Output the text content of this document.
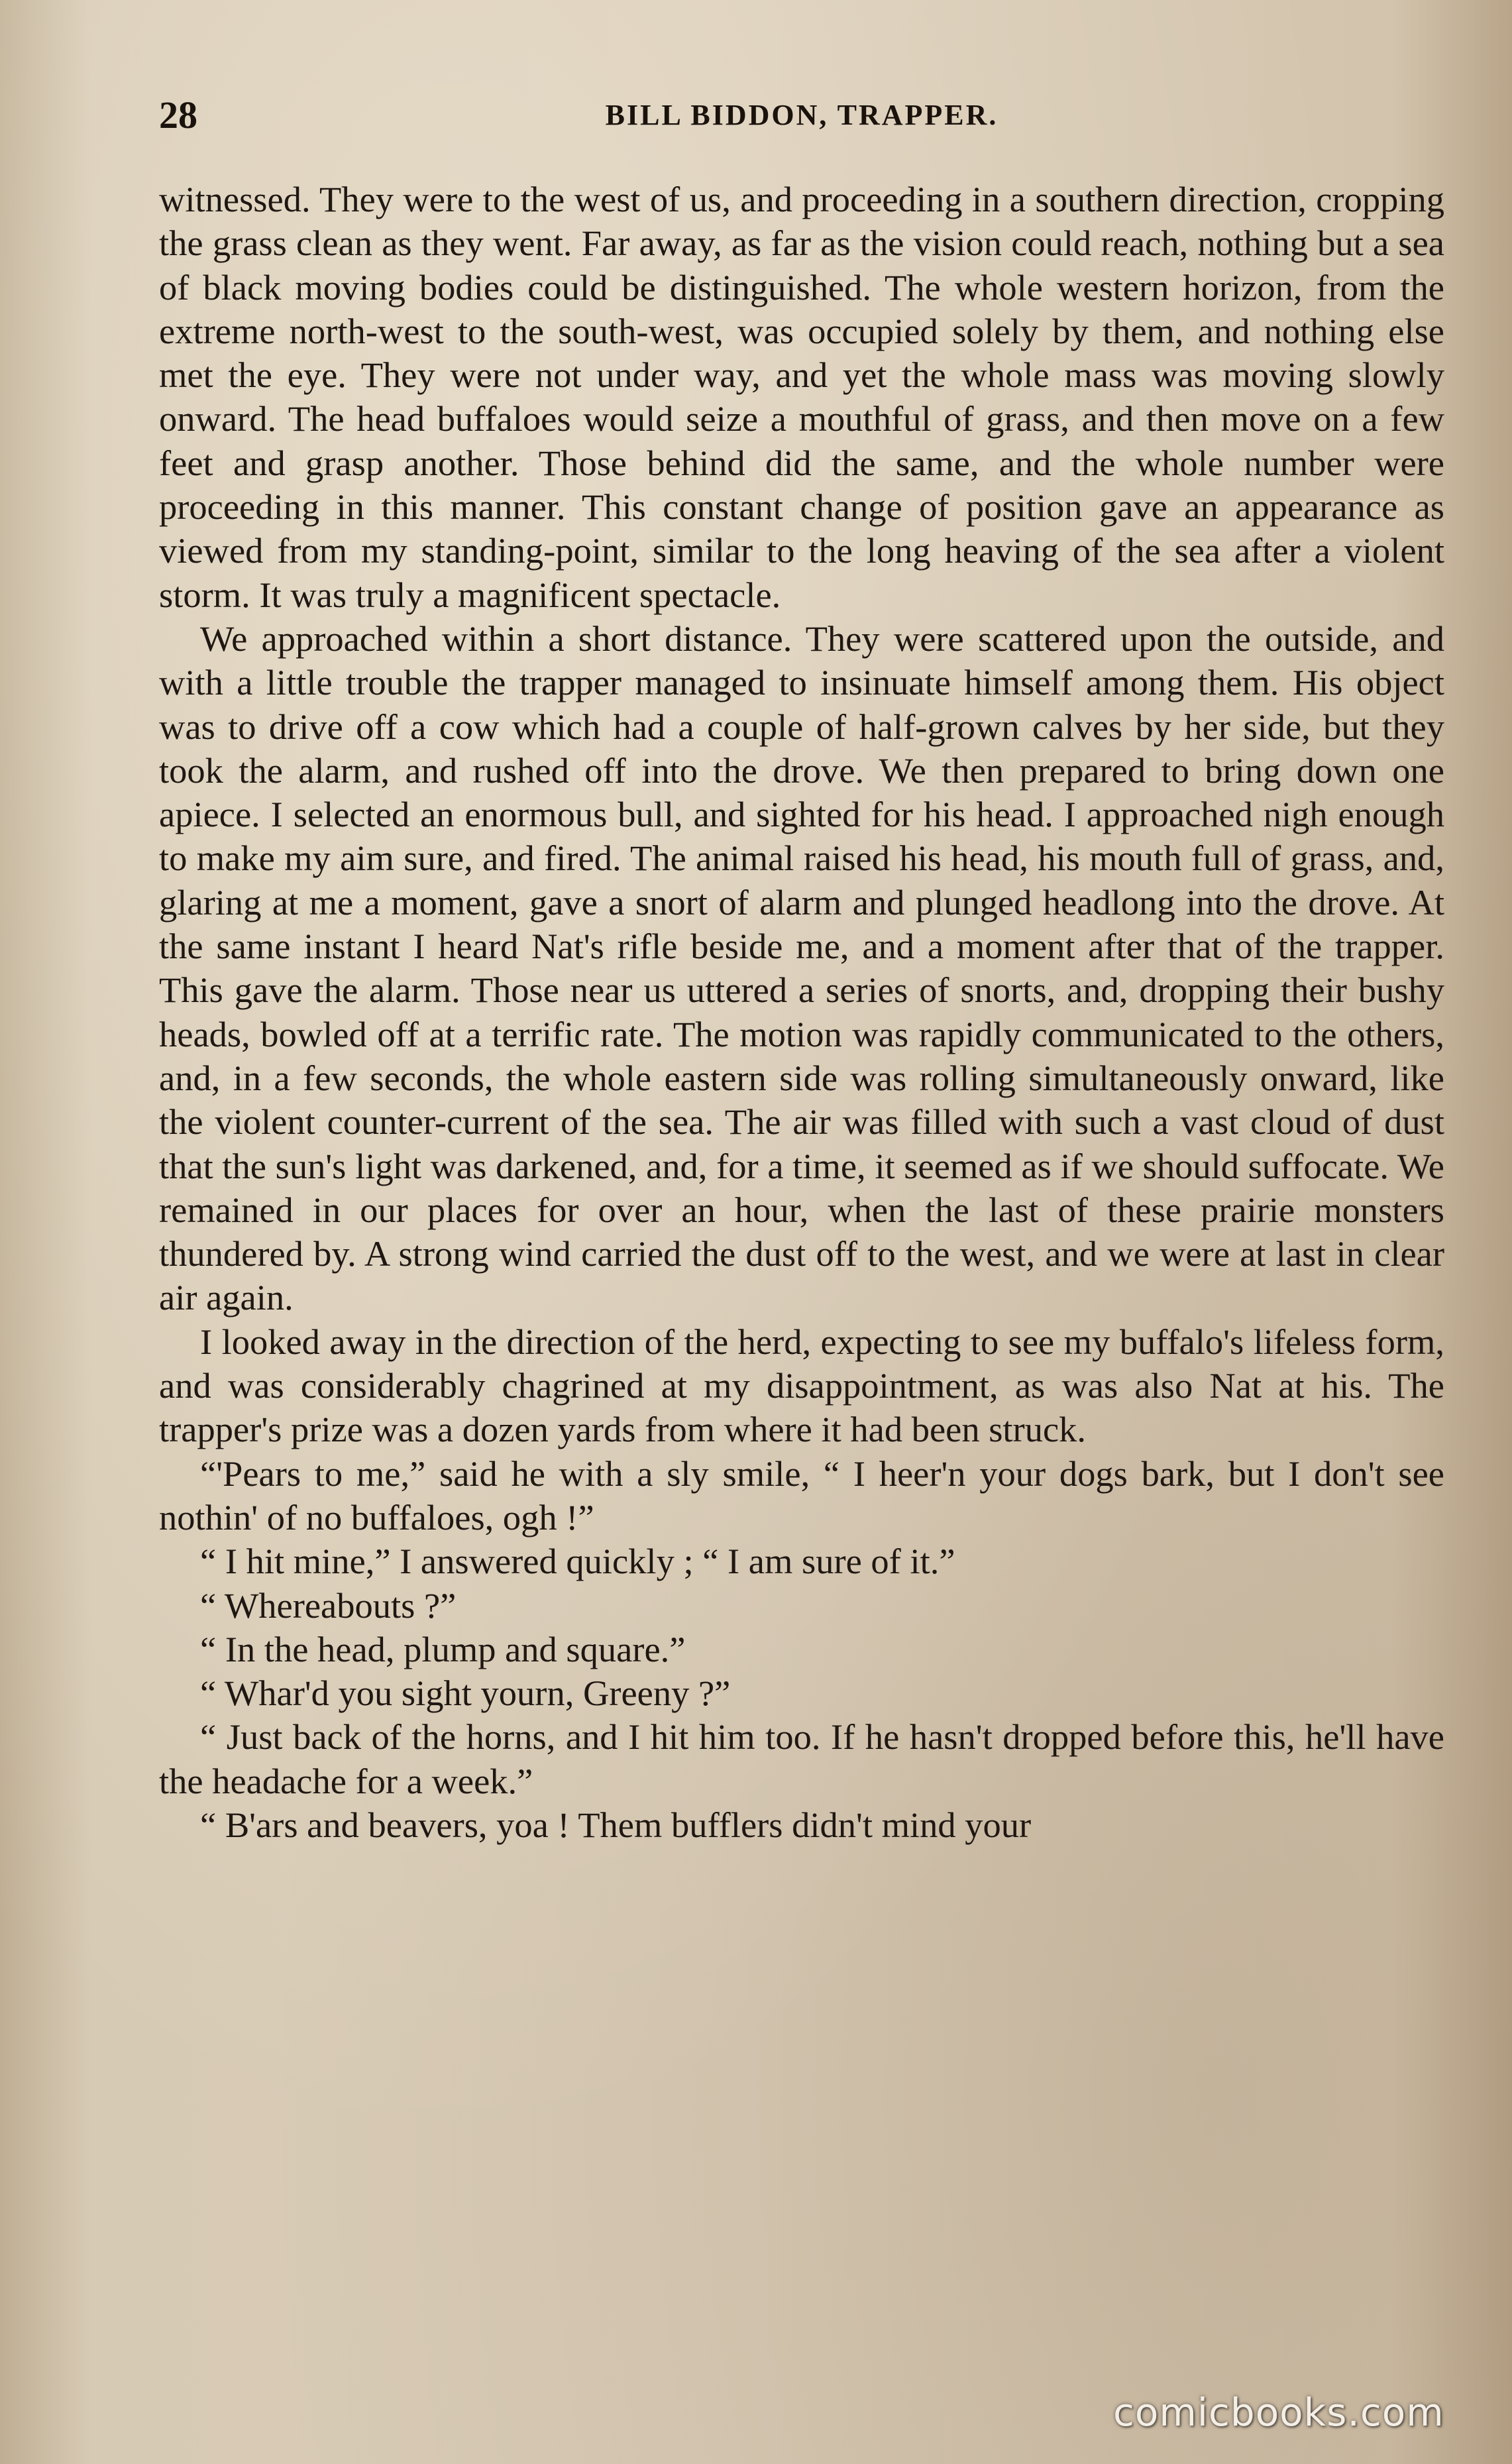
28	BILL BIDDON, TRAPPER.

witnessed. They were to the west of us, and proceeding in a southern direction, cropping the grass clean as they went. Far away, as far as the vision could reach, nothing but a sea of black moving bodies could be distinguished. The whole western horizon, from the extreme north-west to the south-west, was occupied solely by them, and nothing else met the eye. They were not under way, and yet the whole mass was moving slowly onward. The head buffaloes would seize a mouthful of grass, and then move on a few feet and grasp another. Those behind did the same, and the whole number were proceeding in this manner. This constant change of position gave an appearance as viewed from my standing-point, similar to the long heaving of the sea after a violent storm. It was truly a magnificent spectacle.

We approached within a short distance. They were scattered upon the outside, and with a little trouble the trapper managed to insinuate himself among them. His object was to drive off a cow which had a couple of half-grown calves by her side, but they took the alarm, and rushed off into the drove. We then prepared to bring down one apiece. I selected an enormous bull, and sighted for his head. I approached nigh enough to make my aim sure, and fired. The animal raised his head, his mouth full of grass, and, glaring at me a moment, gave a snort of alarm and plunged headlong into the drove. At the same instant I heard Nat's rifle beside me, and a moment after that of the trapper. This gave the alarm. Those near us uttered a series of snorts, and, dropping their bushy heads, bowled off at a terrific rate. The motion was rapidly communicated to the others, and, in a few seconds, the whole eastern side was rolling simultaneously onward, like the violent counter-current of the sea. The air was filled with such a vast cloud of dust that the sun's light was darkened, and, for a time, it seemed as if we should suffocate. We remained in our places for over an hour, when the last of these prairie monsters thundered by. A strong wind carried the dust off to the west, and we were at last in clear air again.

I looked away in the direction of the herd, expecting to see my buffalo's lifeless form, and was considerably chagrined at my disappointment, as was also Nat at his. The trapper's prize was a dozen yards from where it had been struck.

“'Pears to me,” said he with a sly smile, “ I heer'n your dogs bark, but I don't see nothin' of no buffaloes, ogh !”

“ I hit mine,” I answered quickly ; “ I am sure of it.”

“ Whereabouts ?”

“ In the head, plump and square.”

“ Whar'd you sight yourn, Greeny ?”

“ Just back of the horns, and I hit him too. If he hasn't dropped before this, he'll have the headache for a week.”

“ B'ars and beavers, yoa ! Them bufflers didn't mind your

comicbooks.com
